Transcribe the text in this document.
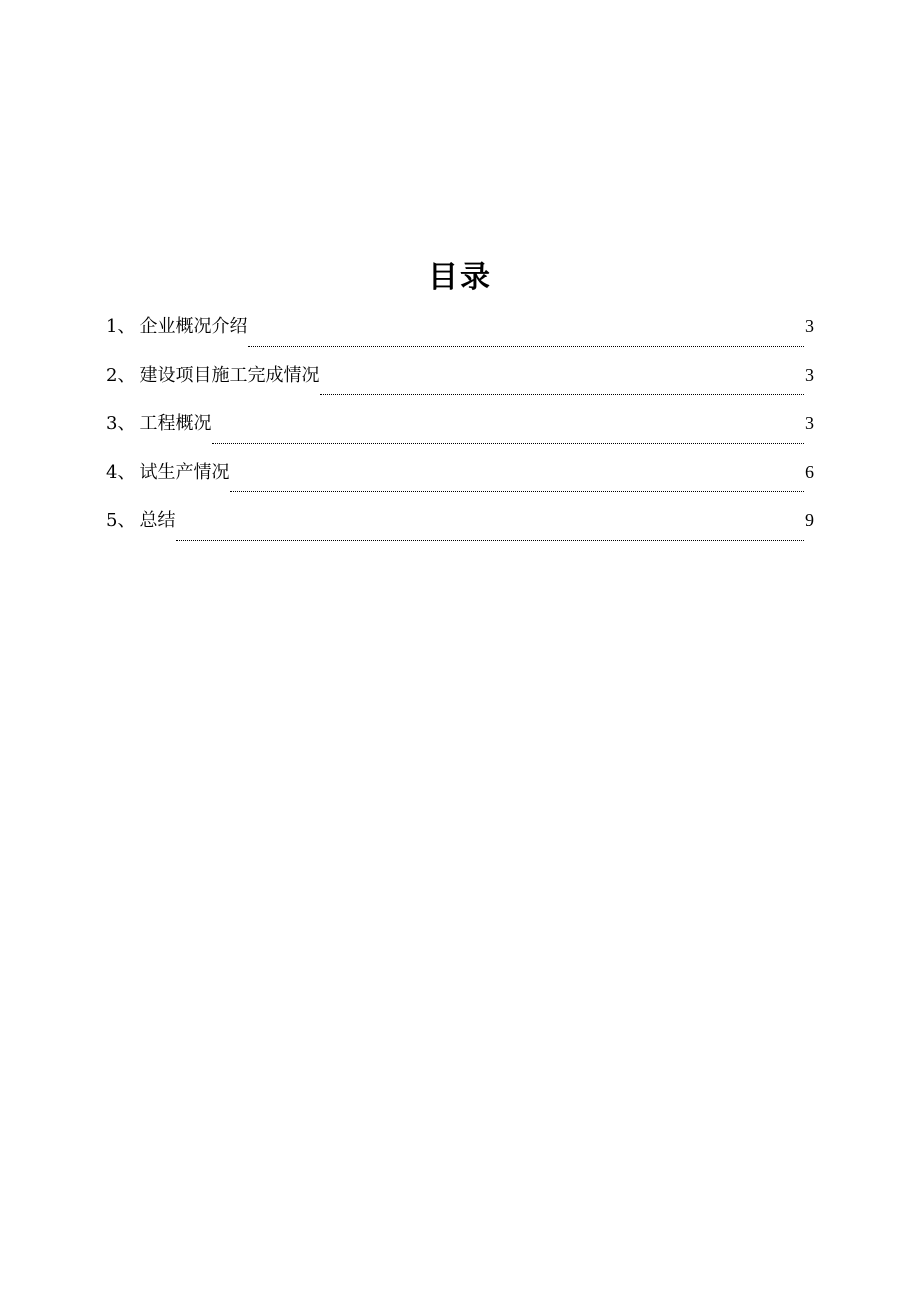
目录
1 、 企业概况介绍	3
2 、 建设项目施工完成情况	3
3 、 工程概况	3
4 、 试生产情况	6
5 、 总结	9
